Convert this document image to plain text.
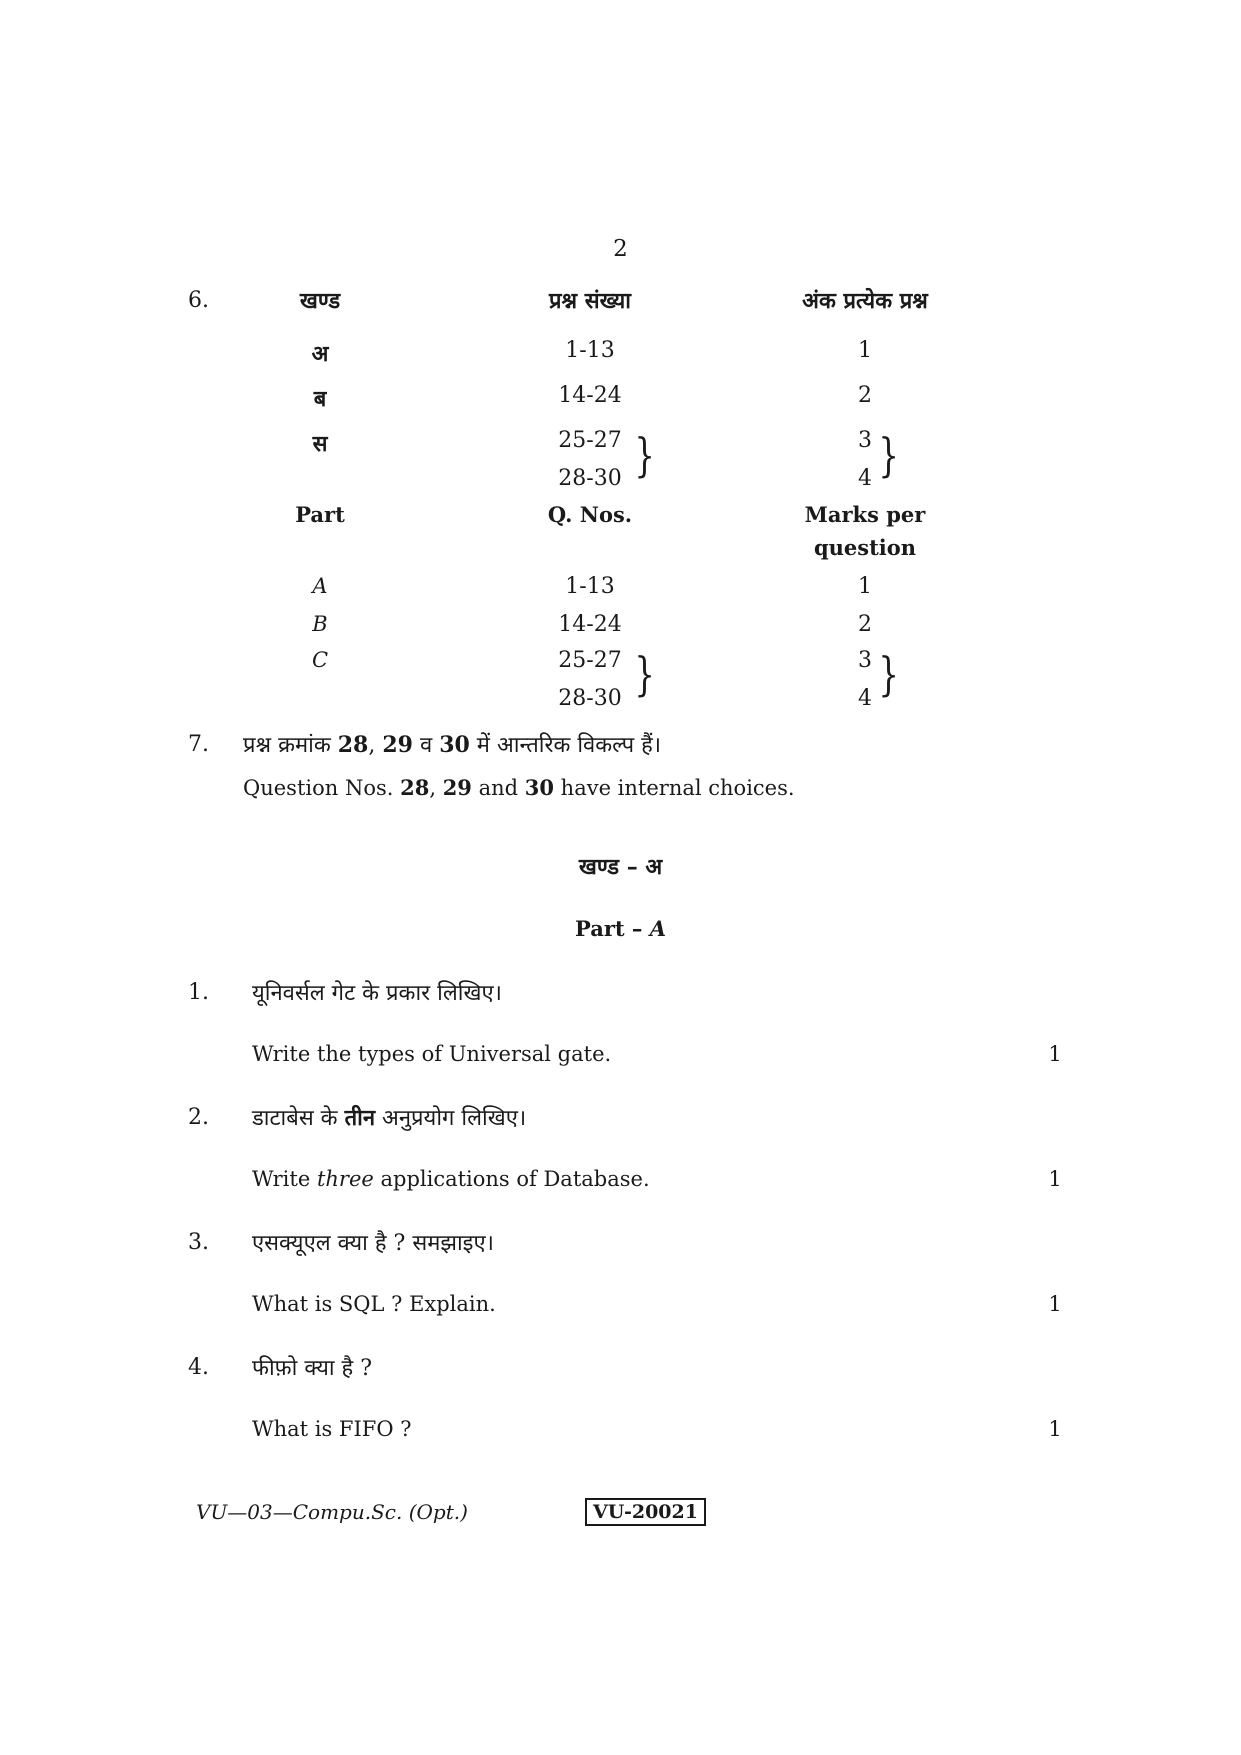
2
6.	खण्ड	प्रश्न संख्या	अंक प्रत्येक प्रश्न
अ	1-13	1
ब	14-24	2
स	25-27	3
28-30	4
}	}
Part	Q. Nos.	Marks per
question
A	1-13	1
B	14-24	2
C	25-27	3
28-30	4
}	}
7. प्रश्न क्रमांक 28, 29 व 30 में आन्तरिक विकल्प हैं।
Question Nos. 28, 29 and 30 have internal choices.
खण्ड – अ
Part – A
1. यूनिवर्सल गेट के प्रकार लिखिए।
Write the types of Universal gate.	1
2. डाटाबेस के तीन अनुप्रयोग लिखिए।
Write three applications of Database.	1
3. एसक्यूएल क्या है ? समझाइए।
What is SQL ? Explain.	1
4. फीफ़ो क्या है ?
What is FIFO ?	1
VU—03—Compu.Sc. (Opt.)	VU-20021
